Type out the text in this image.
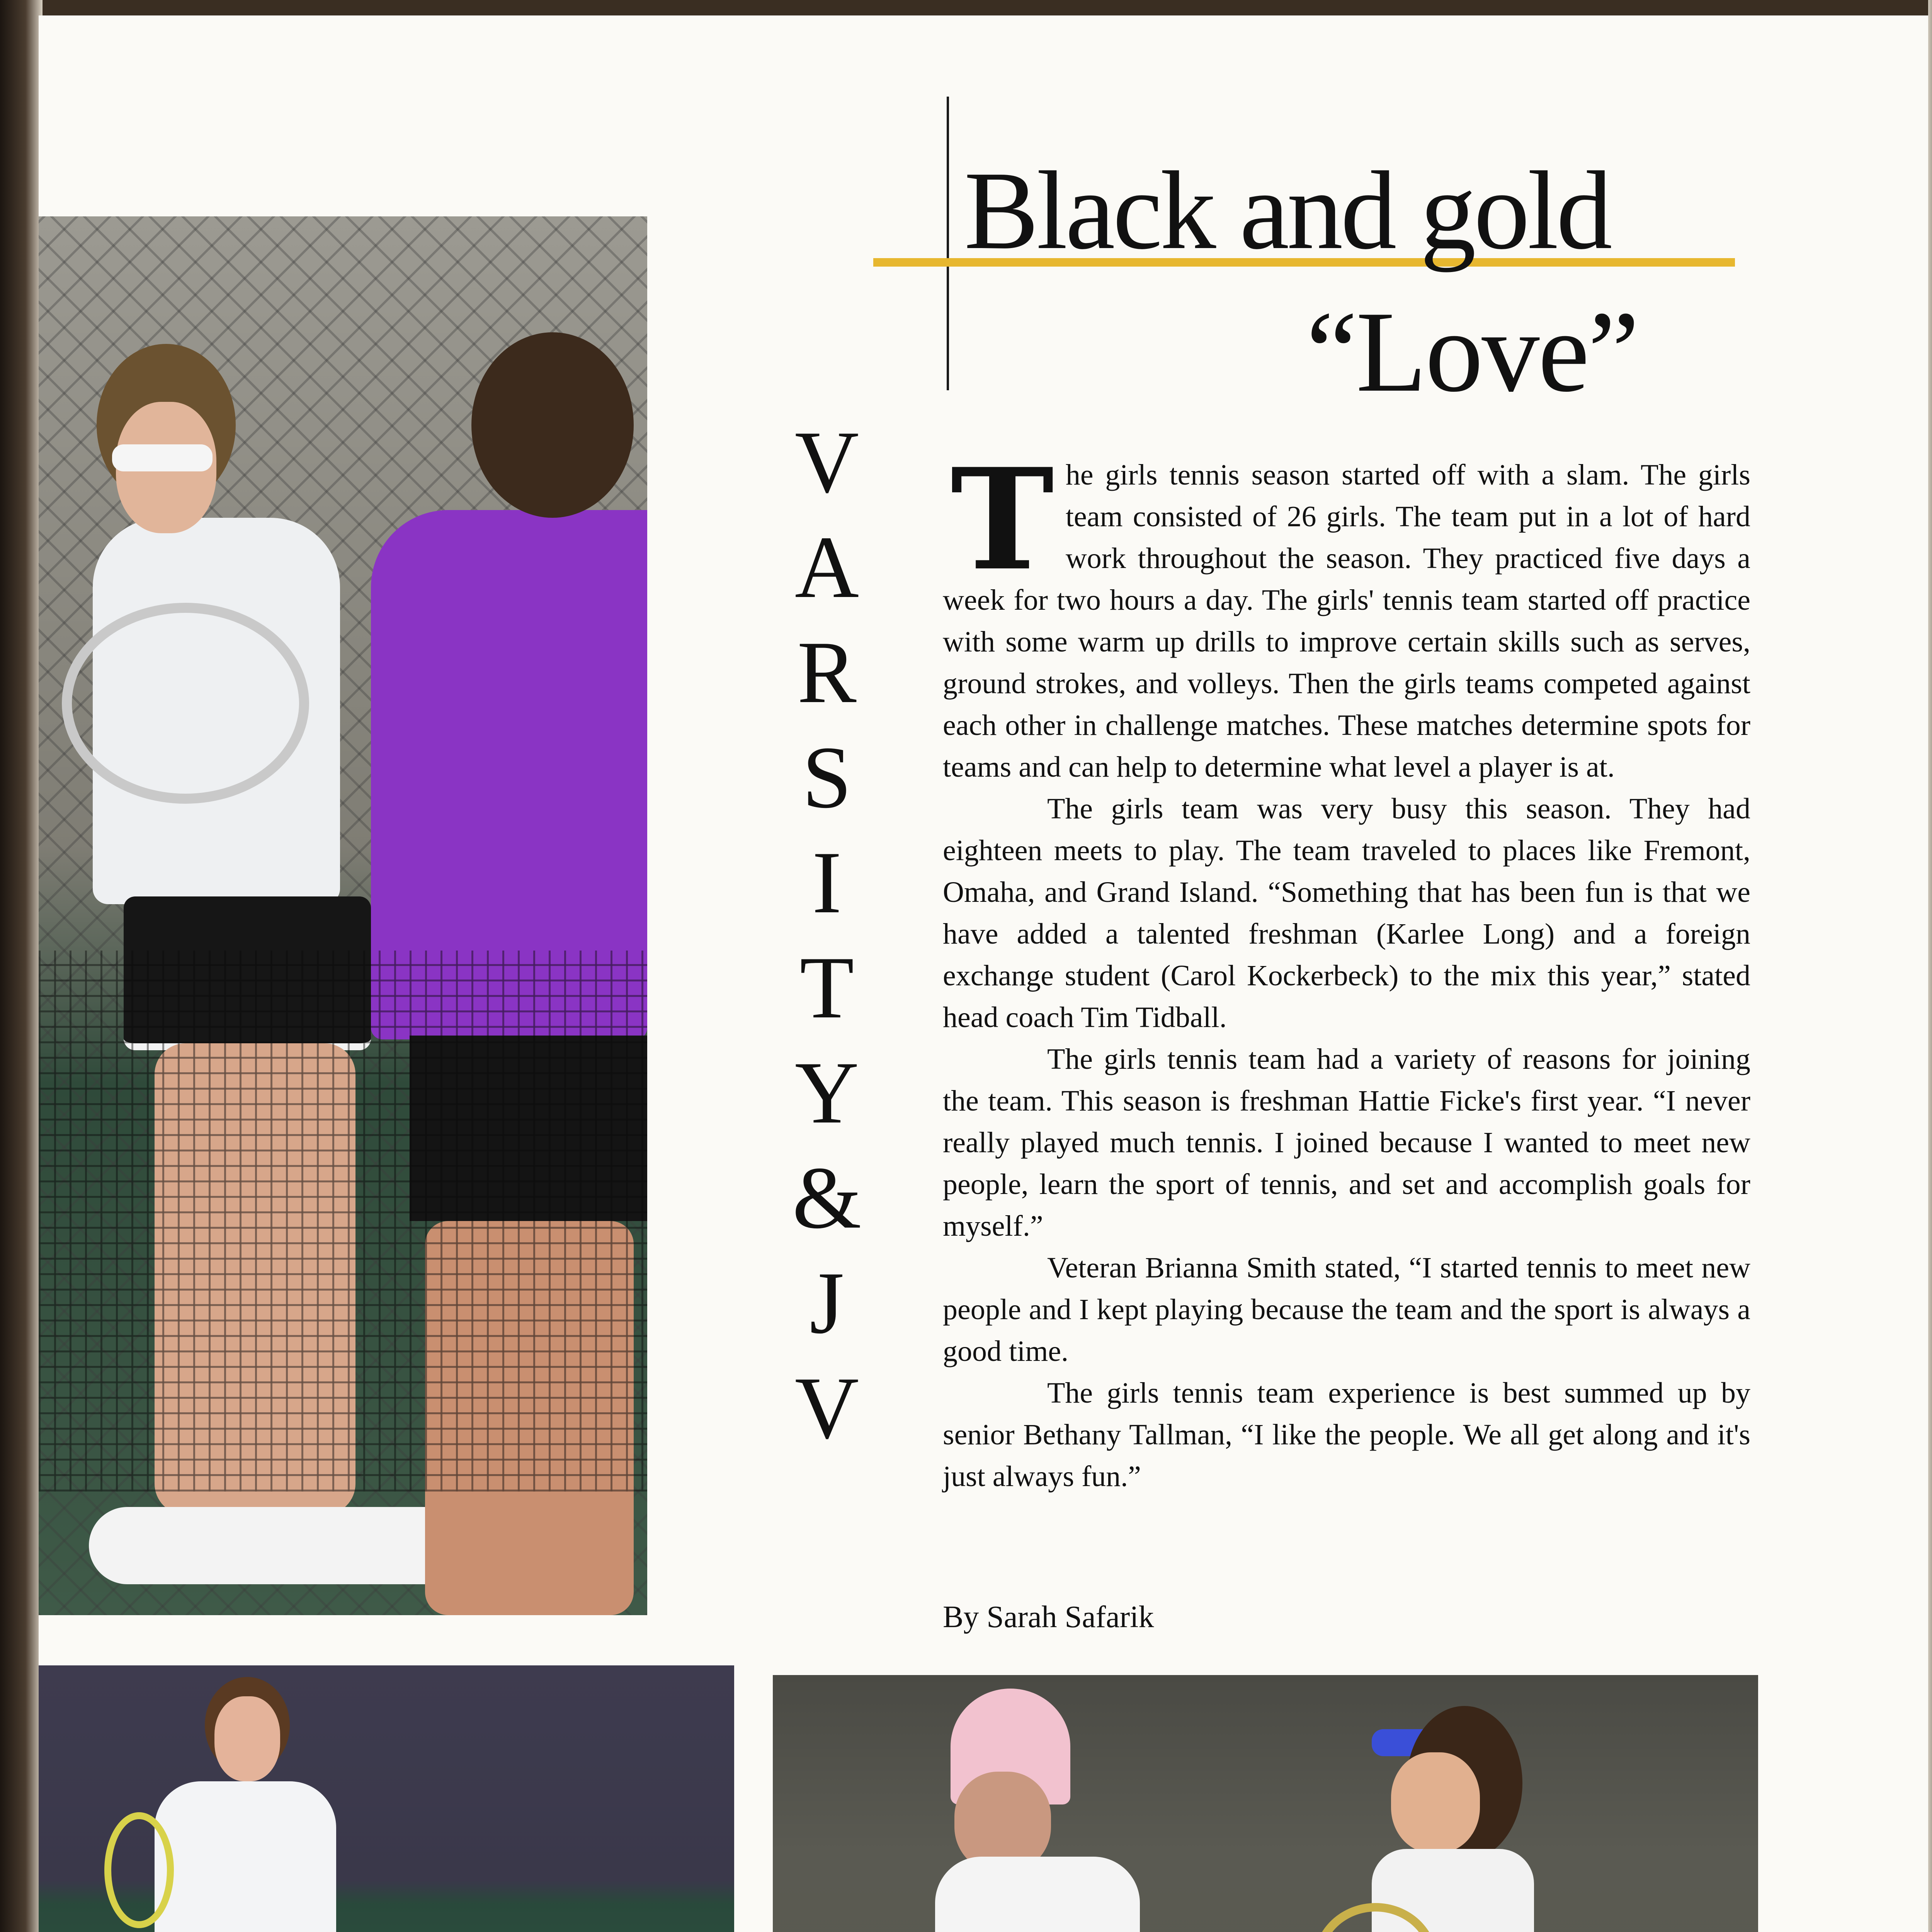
Black and gold
“Love”
V
A
R
S
I
T
Y
&
J
V

The girls tennis season started off with a slam. The girls team consisted of 26 girls. The team put in a lot of hard work throughout the season. They practiced five days a week for two hours a day. The girls' tennis team started off practice with some warm up drills to improve certain skills such as serves, ground strokes, and volleys. Then the girls teams competed against each other in challenge matches. These matches determine spots for teams and can help to determine what level a player is at.

The girls team was very busy this season. They had eighteen meets to play. The team traveled to places like Fremont, Omaha, and Grand Island. “Something that has been fun is that we have added a talented freshman (Karlee Long) and a foreign exchange student (Carol Kockerbeck) to the mix this year,” stated head coach Tim Tidball.

The girls tennis team had a variety of reasons for joining the team. This season is freshman Hattie Ficke's first year. “I never really played much tennis. I joined because I wanted to meet new people, learn the sport of tennis, and set and accomplish goals for myself.”

Veteran Brianna Smith stated, “I started tennis to meet new people and I kept playing because the team and the sport is always a good time.

The girls tennis team experience is best summed up by senior Bethany Tallman, “I like the people. We all get along and it's just always fun.”

By Sarah Safarik
